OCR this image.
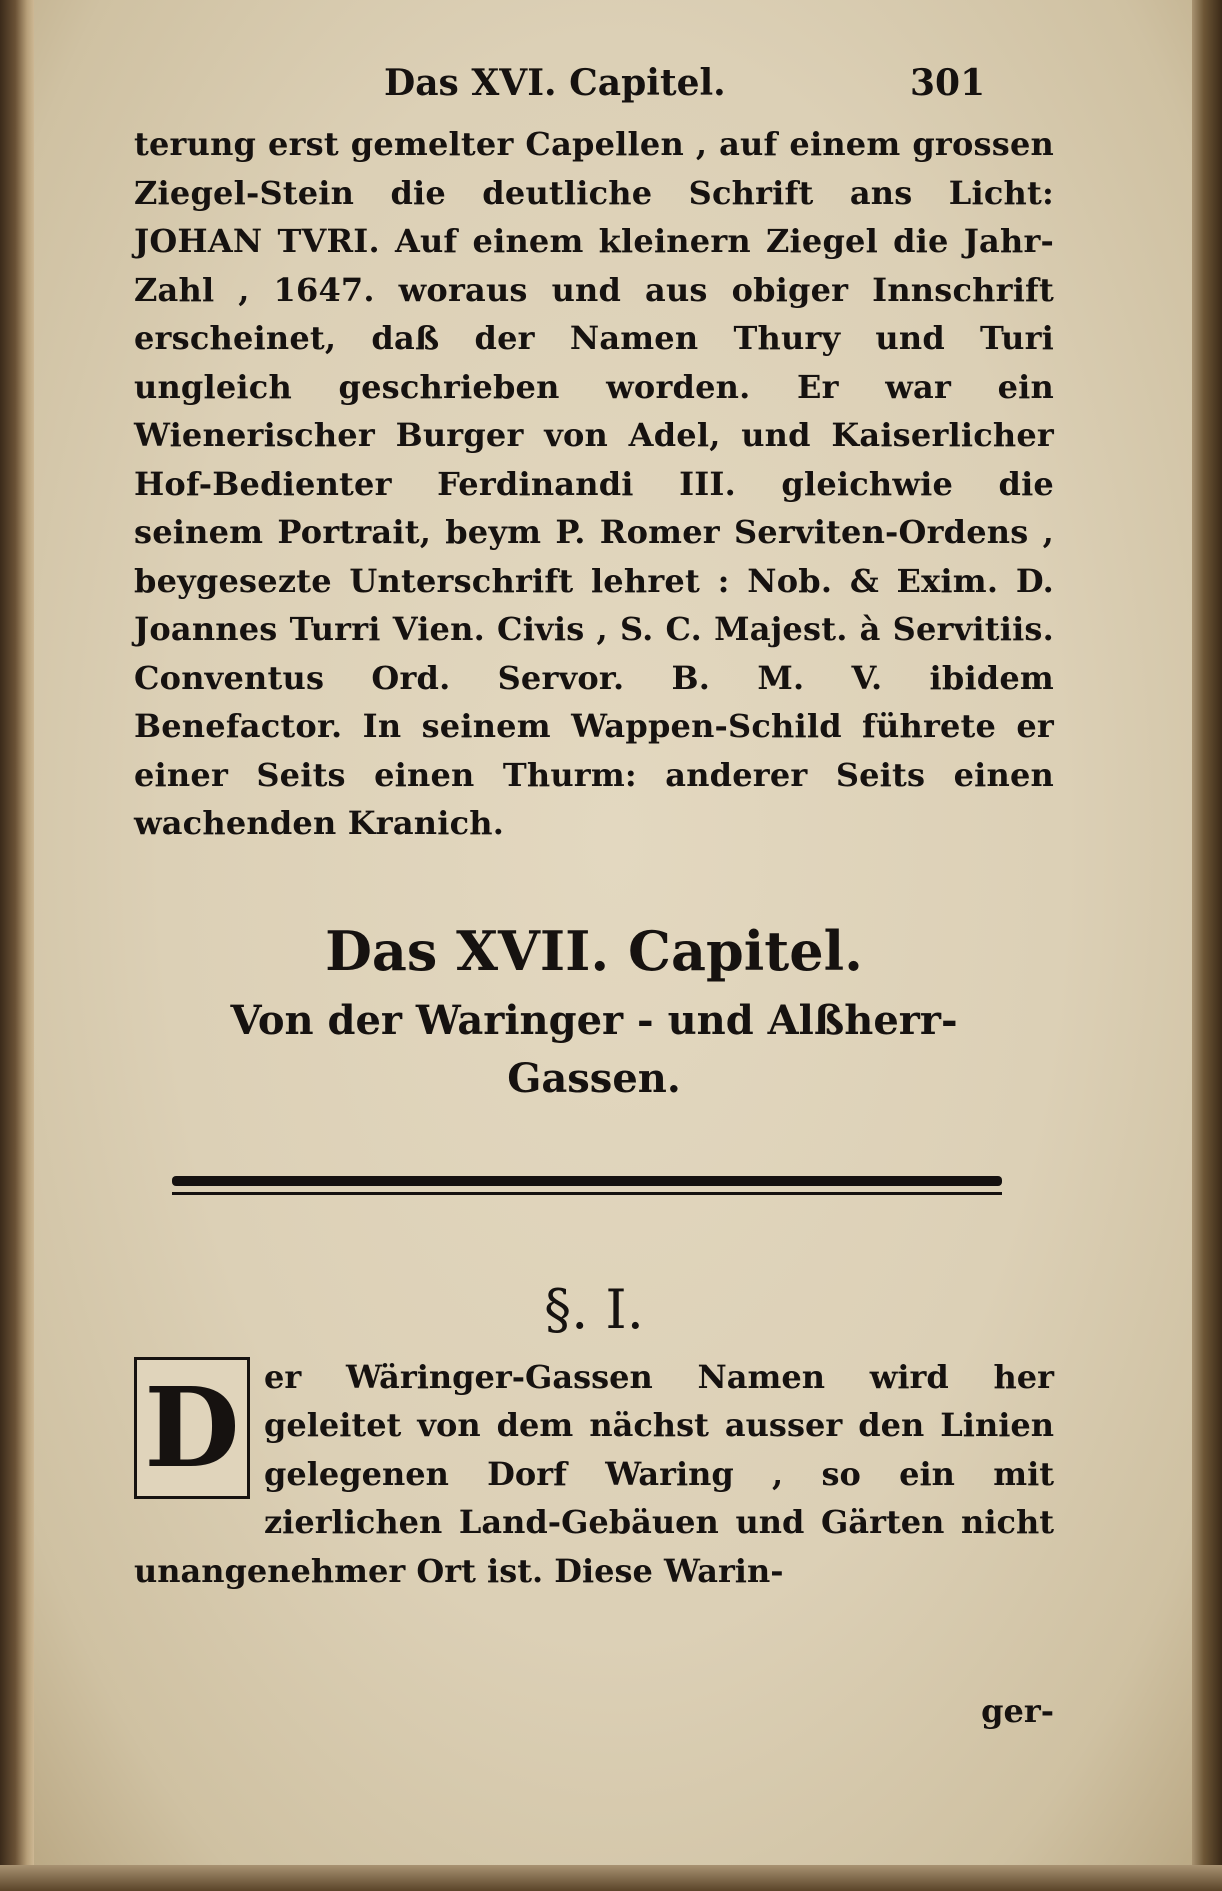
Das XVI. Capitel.	301

terung erst gemelter Capellen , auf einem grossen Ziegel-Stein die deutliche Schrift ans Licht: JOHAN TVRI. Auf einem kleinern Ziegel die Jahr-Zahl , 1647. woraus und aus obiger Innschrift erscheinet, daß der Namen Thury und Turi ungleich geschrieben worden. Er war ein Wienerischer Burger von Adel, und Kaiserlicher Hof-Bedienter Ferdinandi III. gleichwie die seinem Portrait, beym P. Romer Serviten-Ordens , beygesezte Unterschrift lehret : Nob. & Exim. D. Joannes Turri Vien. Civis , S. C. Majest. à Servitiis. Conventus Ord. Servor. B. M. V. ibidem Benefactor. In seinem Wappen-Schild führete er einer Seits einen Thurm: anderer Seits einen wachenden Kranich.

Das XVII. Capitel.
Von der Waringer - und Alßherr-Gassen.
§. I.
D er Wäringer-Gassen Namen wird her geleitet von dem nächst ausser den Linien gelegenen Dorf Waring , so ein mit zierlichen Land-Gebäuen und Gärten nicht unangenehmer Ort ist. Diese Warin-
ger-
